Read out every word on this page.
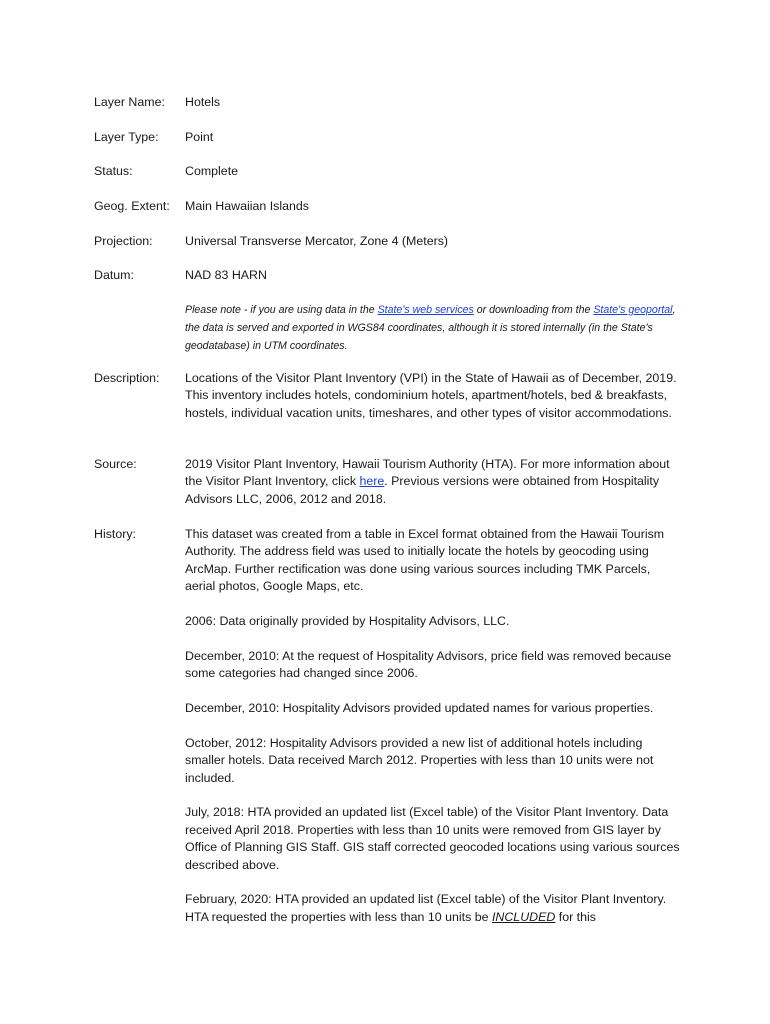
Layer Name:	Hotels
Layer Type:	Point
Status:	Complete
Geog. Extent:	Main Hawaiian Islands
Projection:	Universal Transverse Mercator, Zone 4 (Meters)
Datum:	NAD 83 HARN
Please note - if you are using data in the State's web services or downloading from the State's geoportal, the data is served and exported in WGS84 coordinates, although it is stored internally (in the State's geodatabase) in UTM coordinates.
Description:	Locations of the Visitor Plant Inventory (VPI) in the State of Hawaii as of December, 2019. This inventory includes hotels, condominium hotels, apartment/hotels, bed & breakfasts, hostels, individual vacation units, timeshares, and other types of visitor accommodations.
Source:	2019 Visitor Plant Inventory, Hawaii Tourism Authority (HTA). For more information about the Visitor Plant Inventory, click here. Previous versions were obtained from Hospitality Advisors LLC, 2006, 2012 and 2018.
History:	This dataset was created from a table in Excel format obtained from the Hawaii Tourism Authority. The address field was used to initially locate the hotels by geocoding using ArcMap. Further rectification was done using various sources including TMK Parcels, aerial photos, Google Maps, etc.

2006: Data originally provided by Hospitality Advisors, LLC.

December, 2010: At the request of Hospitality Advisors, price field was removed because some categories had changed since 2006.

December, 2010: Hospitality Advisors provided updated names for various properties.

October, 2012: Hospitality Advisors provided a new list of additional hotels including smaller hotels. Data received March 2012. Properties with less than 10 units were not included.

July, 2018: HTA provided an updated list (Excel table) of the Visitor Plant Inventory. Data received April 2018. Properties with less than 10 units were removed from GIS layer by Office of Planning GIS Staff. GIS staff corrected geocoded locations using various sources described above.

February, 2020: HTA provided an updated list (Excel table) of the Visitor Plant Inventory. HTA requested the properties with less than 10 units be INCLUDED for this
